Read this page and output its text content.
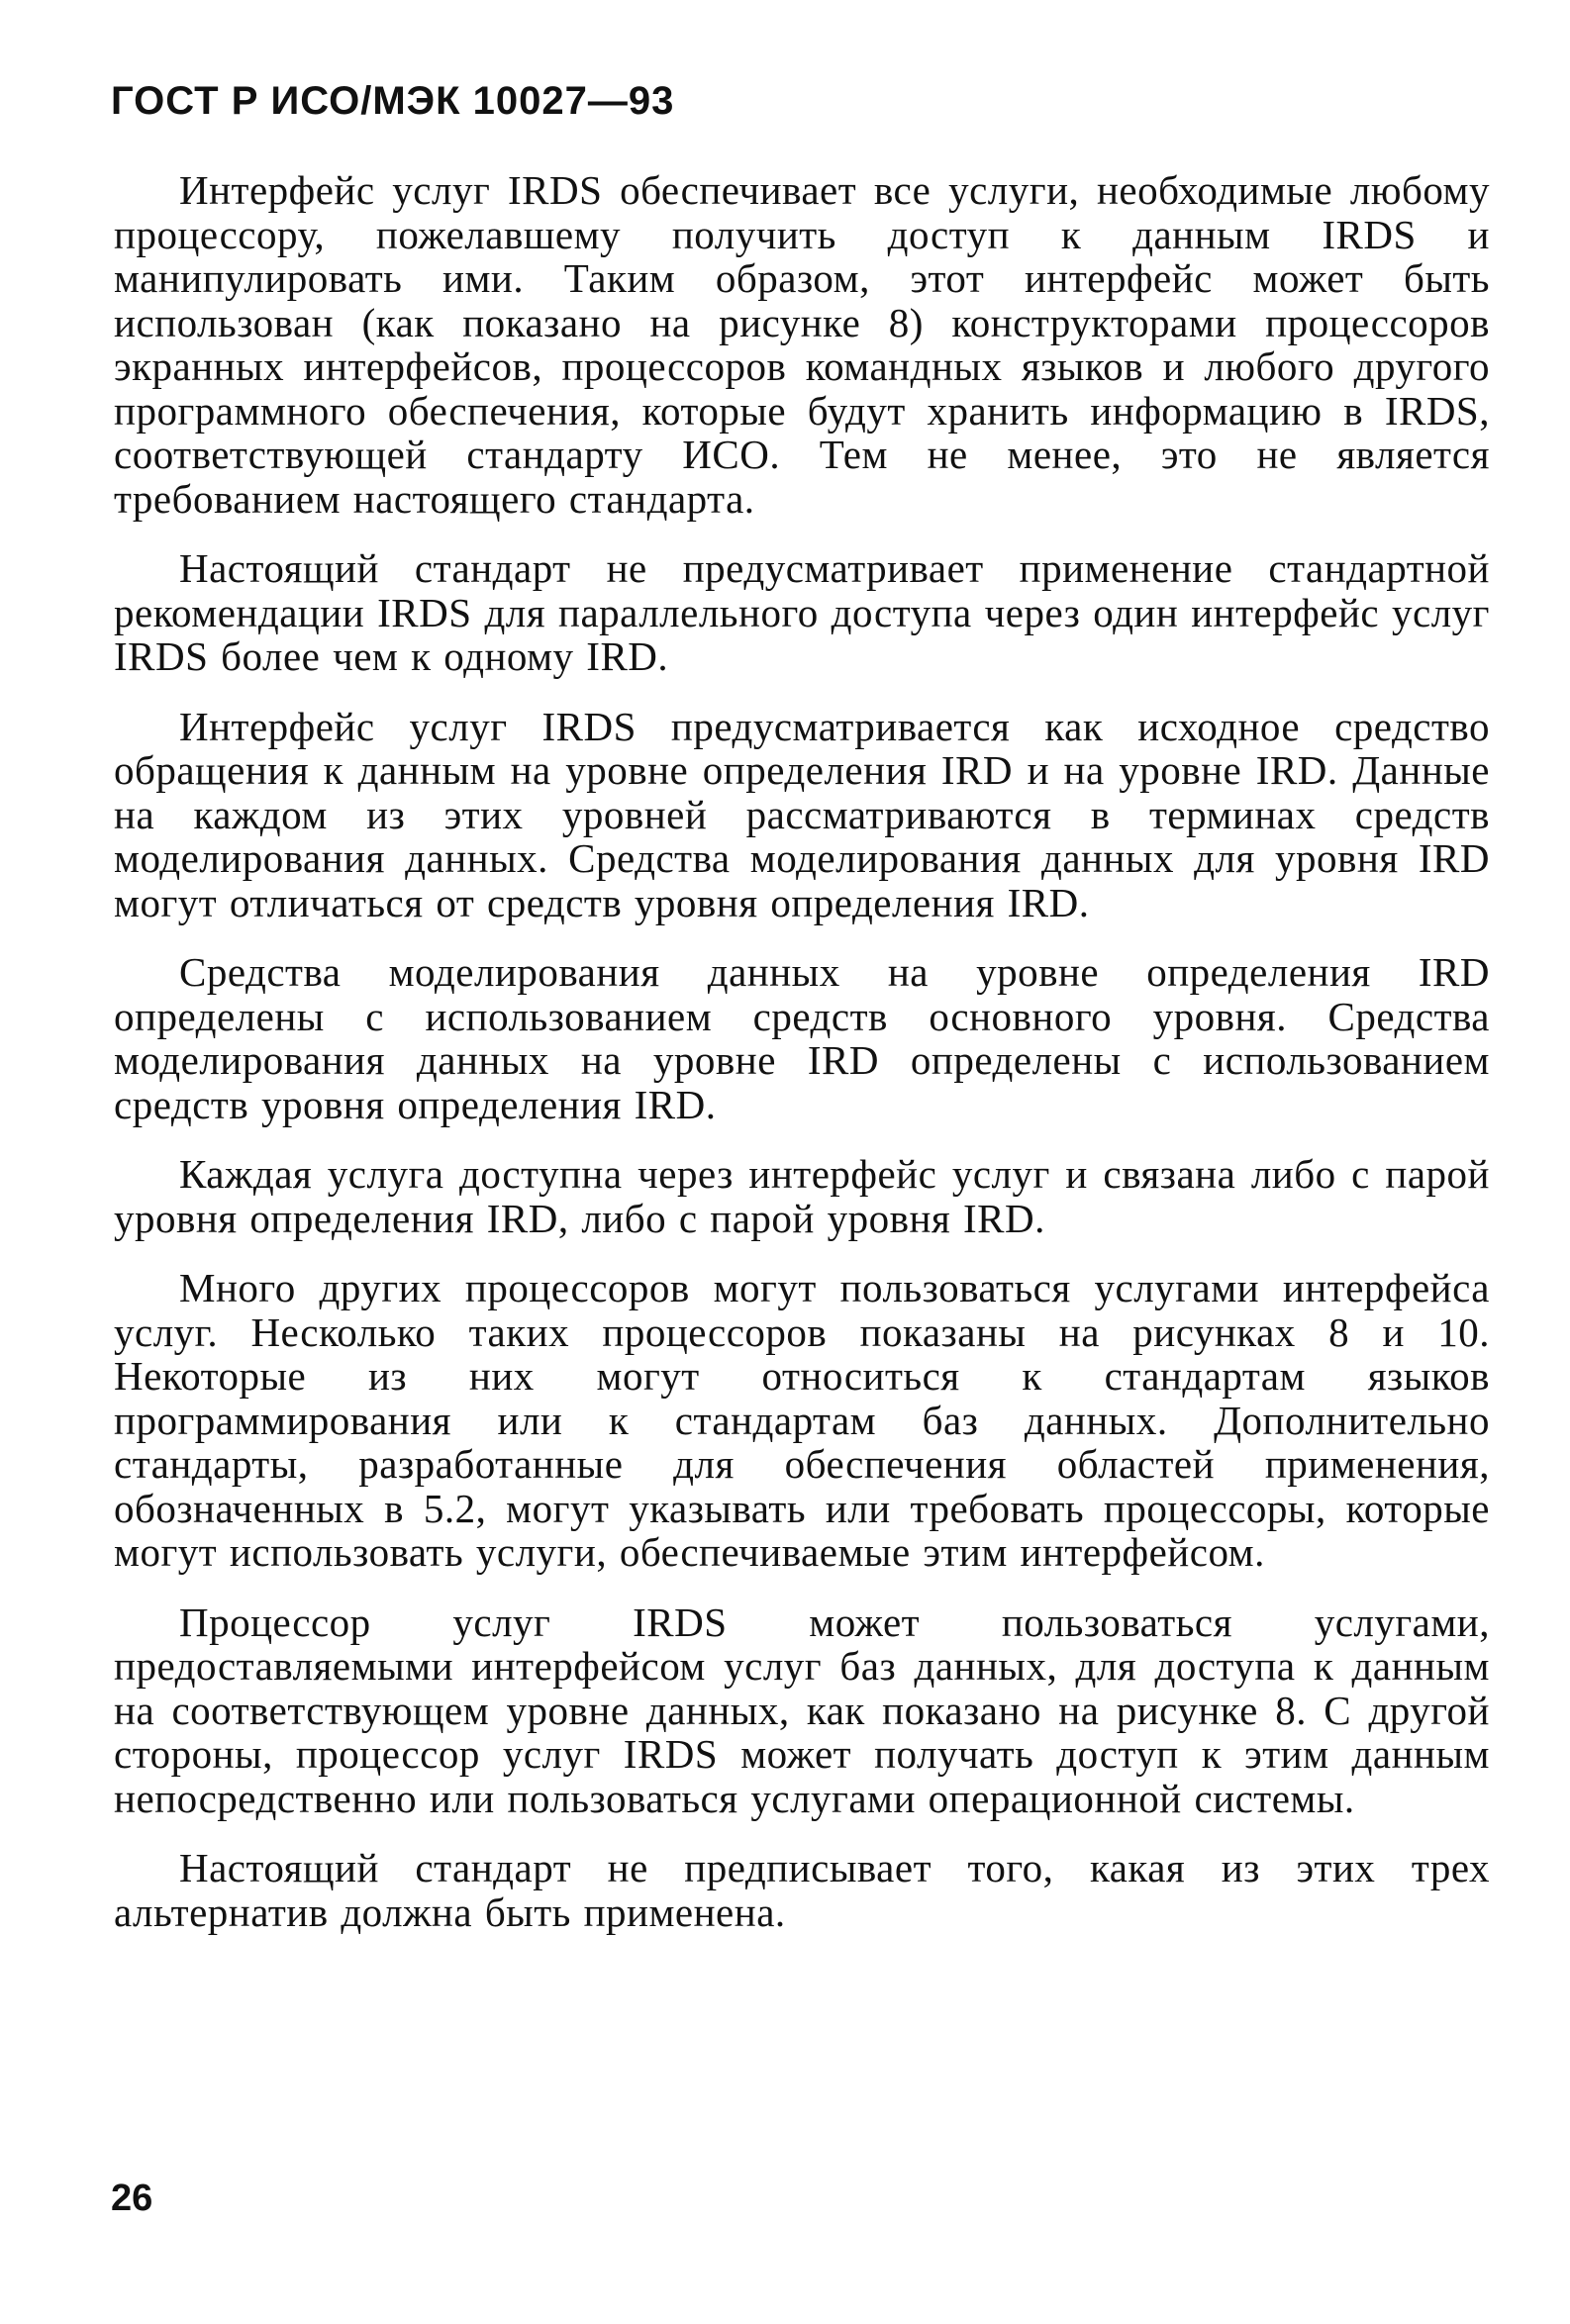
ГОСТ Р ИСО/МЭК 10027—93

Интерфейс услуг IRDS обеспечивает все услуги, необходимые любому процессору, пожелавшему получить доступ к данным IRDS и манипулировать ими. Таким образом, этот интерфейс может быть использован (как показано на рисунке 8) конструкторами процессоров экранных интерфейсов, процессоров командных языков и любого другого программного обеспечения, которые будут хранить информацию в IRDS, соответствующей стандарту ИСО. Тем не менее, это не является требованием настоящего стандарта.

Настоящий стандарт не предусматривает применение стандартной рекомендации IRDS для параллельного доступа через один интерфейс услуг IRDS более чем к одному IRD.

Интерфейс услуг IRDS предусматривается как исходное средство обращения к данным на уровне определения IRD и на уровне IRD. Данные на каждом из этих уровней рассматриваются в терминах средств моделирования данных. Средства моделирования данных для уровня IRD могут отличаться от средств уровня определения IRD.

Средства моделирования данных на уровне определения IRD определены с использованием средств основного уровня. Средства моделирования данных на уровне IRD определены с использованием средств уровня определения IRD.

Каждая услуга доступна через интерфейс услуг и связана либо с парой уровня определения IRD, либо с парой уровня IRD.

Много других процессоров могут пользоваться услугами интерфейса услуг. Несколько таких процессоров показаны на рисунках 8 и 10. Некоторые из них могут относиться к стандартам языков программирования или к стандартам баз данных. Дополнительно стандарты, разработанные для обеспечения областей применения, обозначенных в 5.2, могут указывать или требовать процессоры, которые могут использовать услуги, обеспечиваемые этим интерфейсом.

Процессор услуг IRDS может пользоваться услугами, предоставляемыми интерфейсом услуг баз данных, для доступа к данным на соответствующем уровне данных, как показано на рисунке 8. С другой стороны, процессор услуг IRDS может получать доступ к этим данным непосредственно или пользоваться услугами операционной системы.

Настоящий стандарт не предписывает того, какая из этих трех альтернатив должна быть применена.

26
